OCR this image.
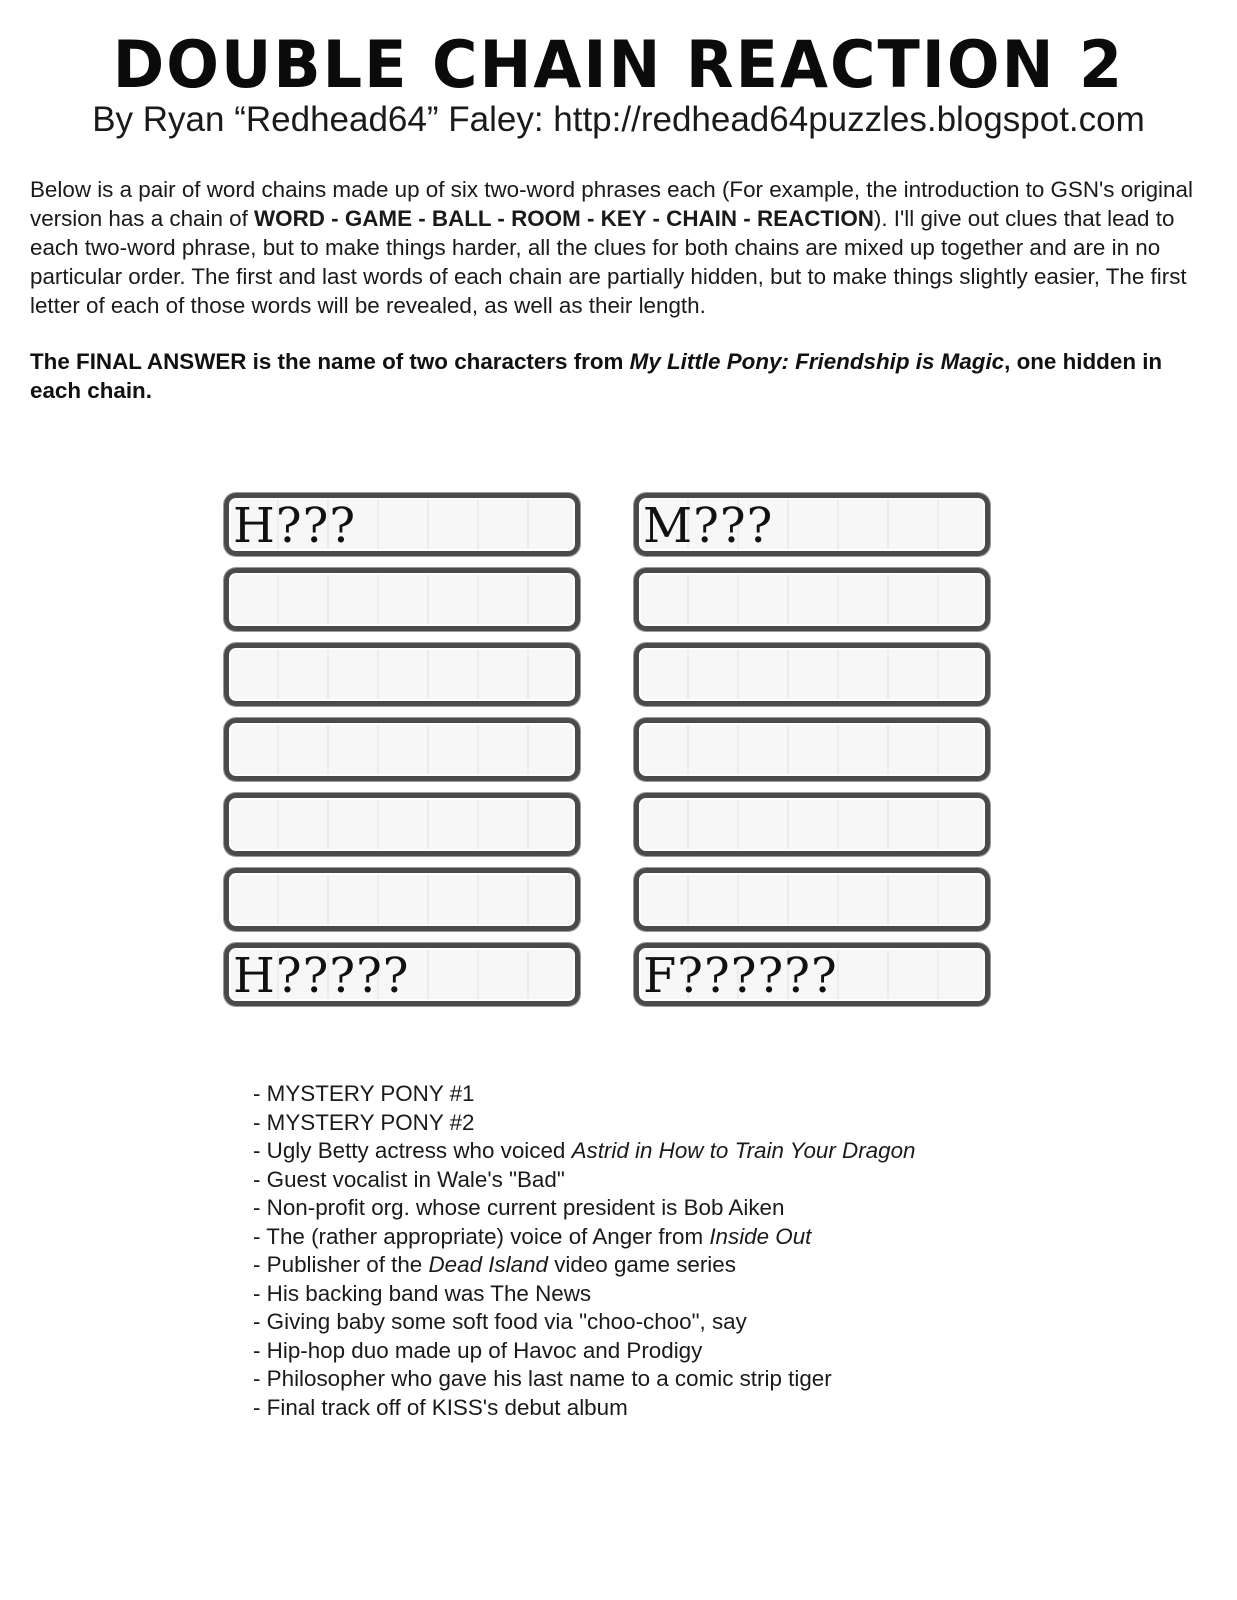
DOUBLE CHAIN REACTION 2
By Ryan “Redhead64” Faley: http://redhead64puzzles.blogspot.com
Below is a pair of word chains made up of six two-word phrases each (For example, the introduction to GSN's original version has a chain of WORD - GAME - BALL - ROOM - KEY - CHAIN - REACTION). I'll give out clues that lead to each two-word phrase, but to make things harder, all the clues for both chains are mixed up together and are in no particular order. The first and last words of each chain are partially hidden, but to make things slightly easier, The first letter of each of those words will be revealed, as well as their length.
The FINAL ANSWER is the name of two characters from My Little Pony: Friendship is Magic, one hidden in each chain.
H???
H?????
M???
F??????
- MYSTERY PONY #1
- MYSTERY PONY #2
- Ugly Betty actress who voiced Astrid in How to Train Your Dragon
- Guest vocalist in Wale's "Bad"
- Non-profit org. whose current president is Bob Aiken
- The (rather appropriate) voice of Anger from Inside Out
- Publisher of the Dead Island video game series
- His backing band was The News
- Giving baby some soft food via "choo-choo", say
- Hip-hop duo made up of Havoc and Prodigy
- Philosopher who gave his last name to a comic strip tiger
- Final track off of KISS's debut album
